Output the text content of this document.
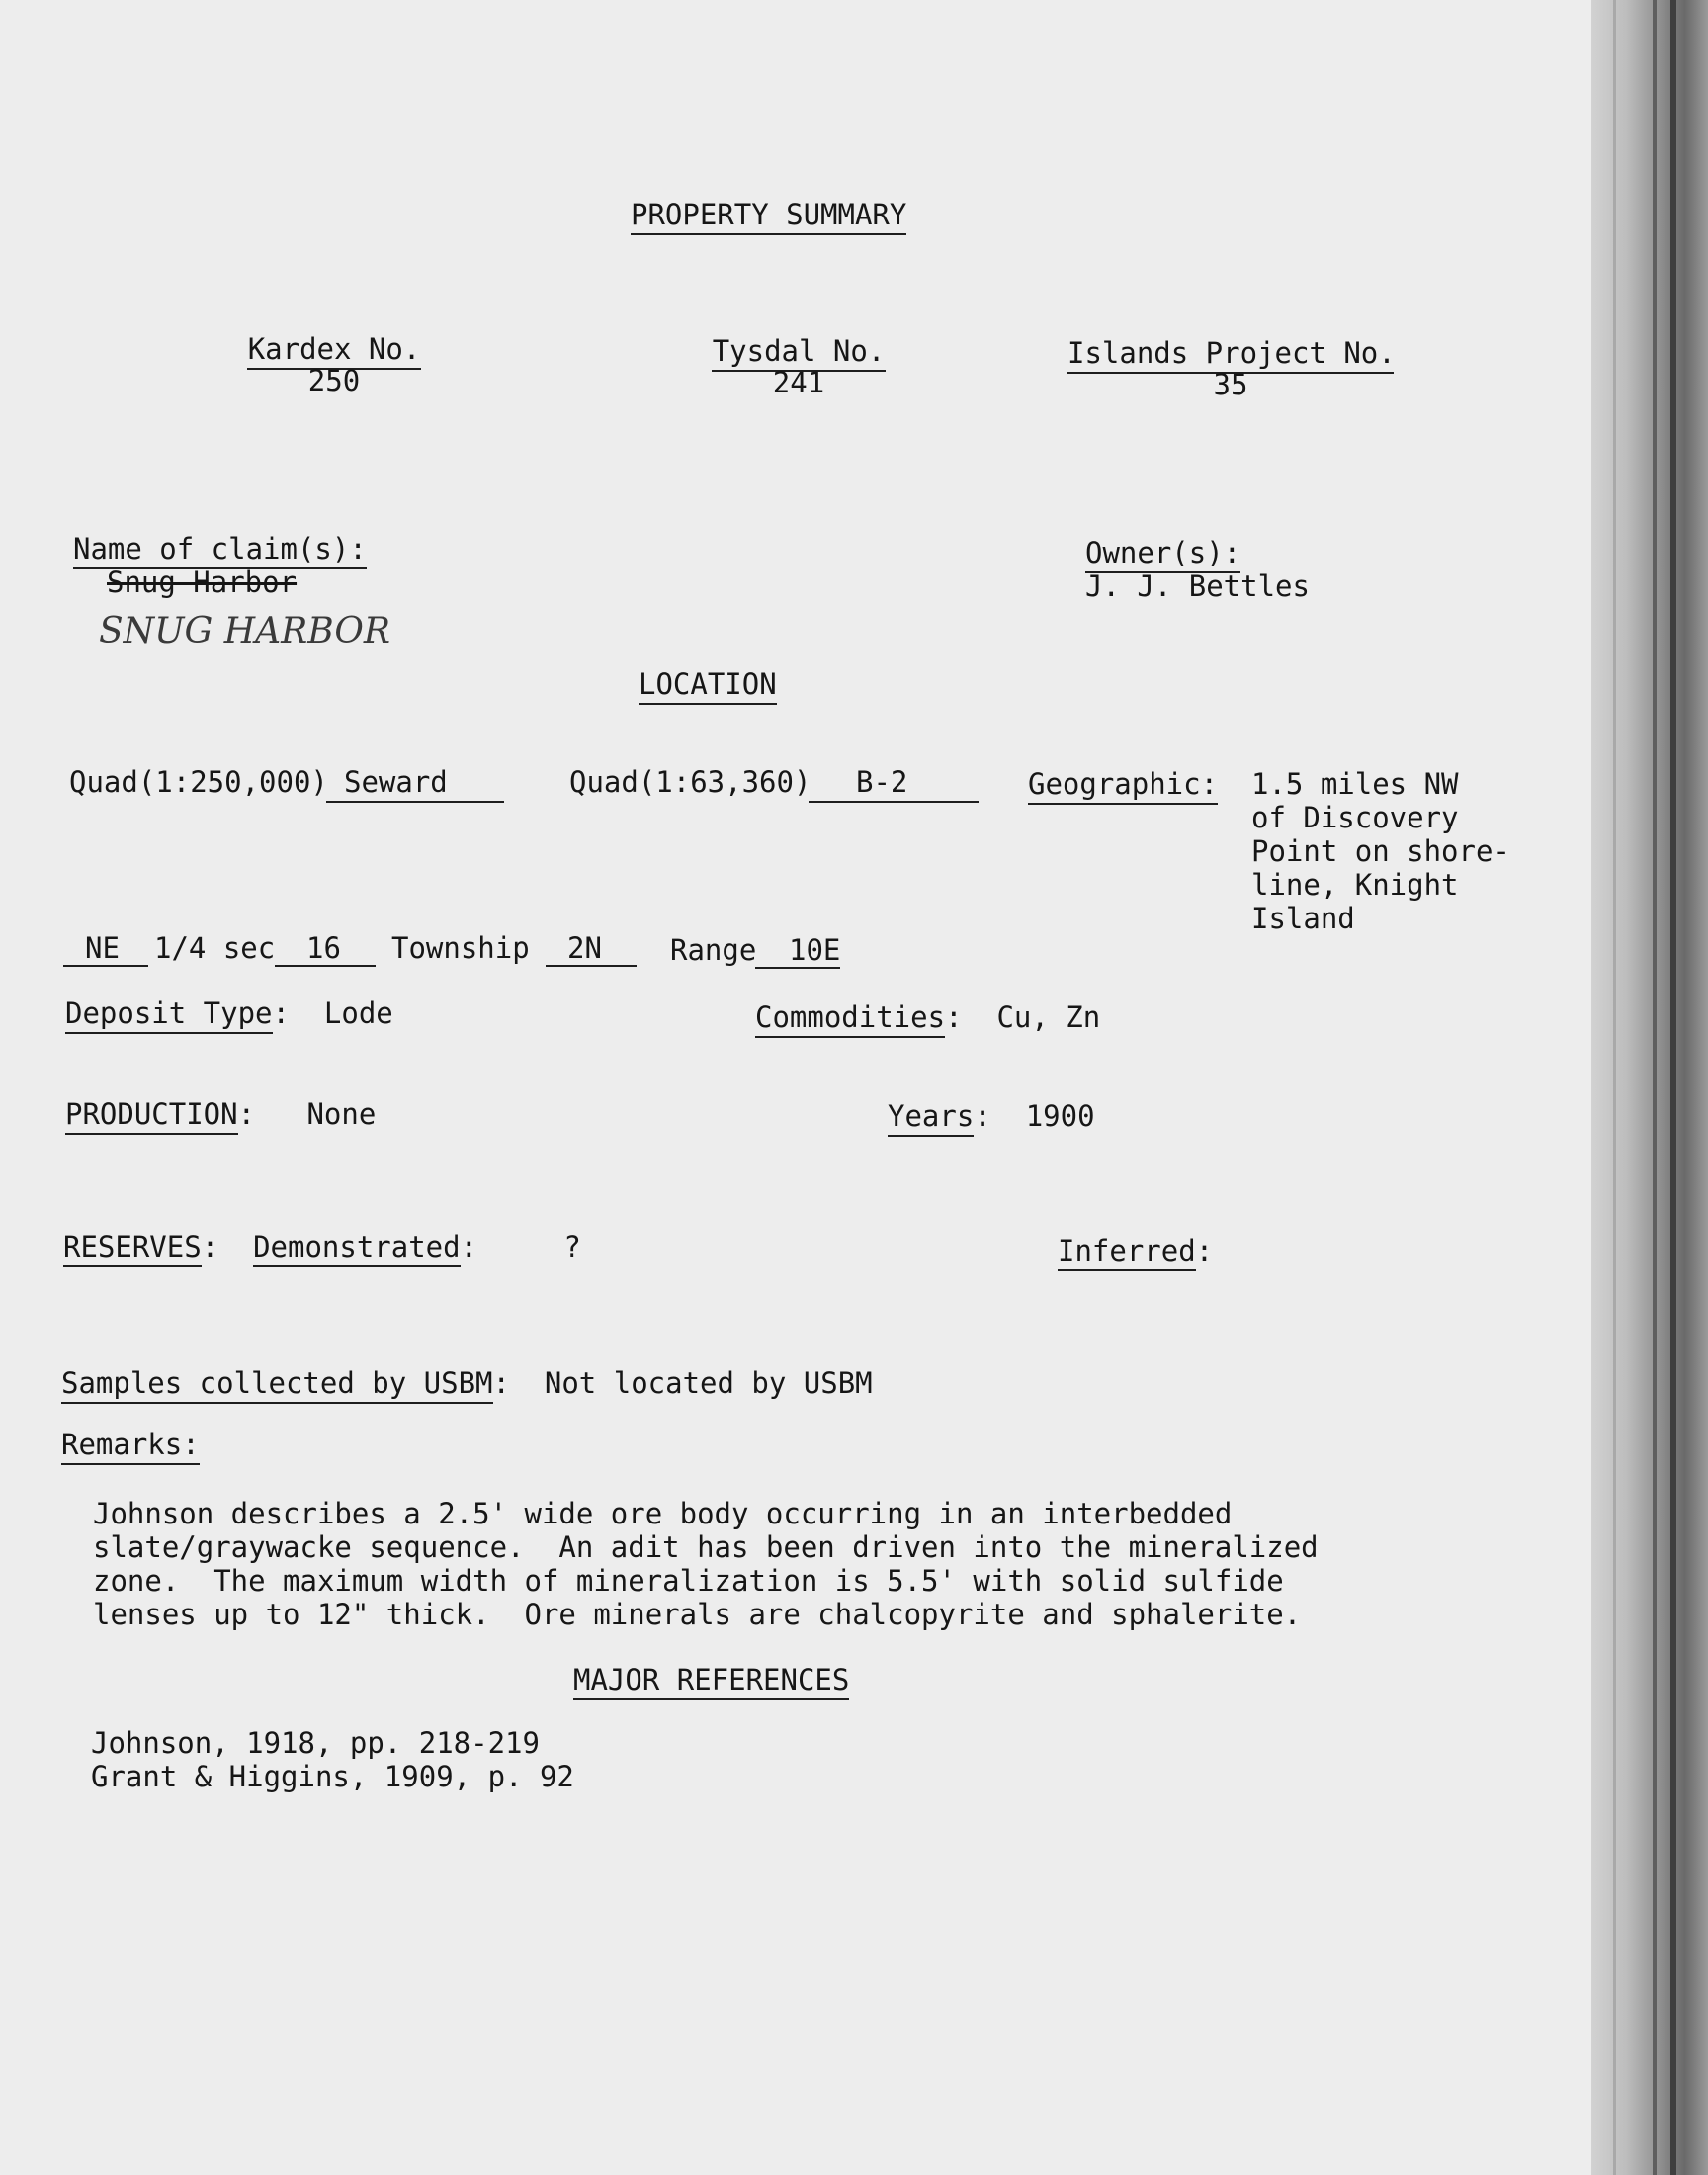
PROPERTY SUMMARY
Kardex No.
250
Tysdal No.
241
Islands Project No.
35
Name of claim(s):
Snug Harbor
SNUG HARBOR
Owner(s):
J. J. Bettles
LOCATION
Quad(1:250,000) Seward	Quad(1:63,360) B-2	Geographic: 1.5 miles NW
of Discovery
Point on shore-
line, Knight
Island
NE 1/4 sec 16 Township 2N Range 10E
Deposit Type:  Lode	Commodities:  Cu, Zn
PRODUCTION:   None	Years:  1900
RESERVES:  Demonstrated:     ?	Inferred:
Samples collected by USBM:  Not located by USBM
Remarks:
Johnson describes a 2.5' wide ore body occurring in an interbedded
slate/graywacke sequence.  An adit has been driven into the mineralized
zone.  The maximum width of mineralization is 5.5' with solid sulfide
lenses up to 12" thick.  Ore minerals are chalcopyrite and sphalerite.
MAJOR REFERENCES
Johnson, 1918, pp. 218-219
Grant & Higgins, 1909, p. 92
